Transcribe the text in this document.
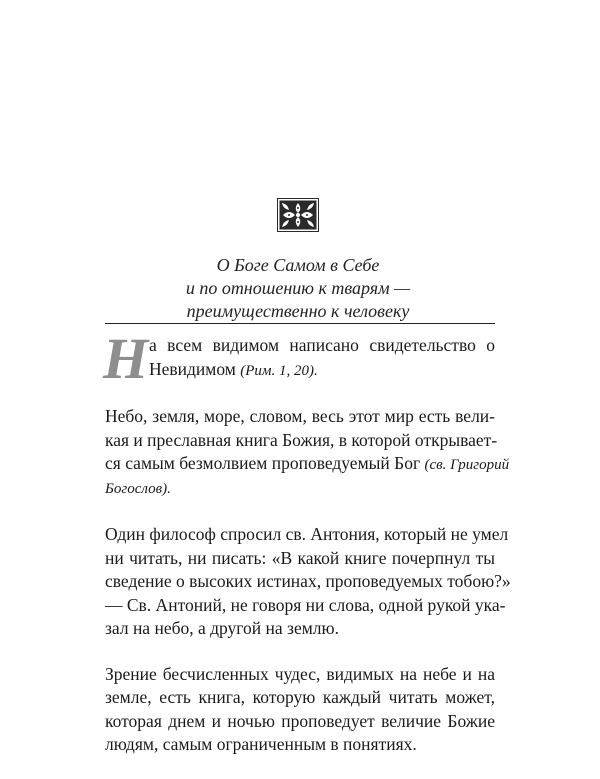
О Боге Самом в Себе
и по отношению к тварям —
преимущественно к человеку
Н а всем видимом написано свидетельство о
Невидимом (Рим. 1, 20).
Небо, земля, море, словом, весь этот мир есть вели-
кая и преславная книга Божия, в которой открывает-
ся самым безмолвием проповедуемый Бог (св. Григорий
Богослов).
Один философ спросил св. Антония, который не умел
ни читать, ни писать: «В какой книге почерпнул ты
сведение о высоких истинах, проповедуемых тобою?»
— Св. Антоний, не говоря ни слова, одной рукой ука-
зал на небо, а другой на землю.
Зрение бесчисленных чудес, видимых на небе и на
земле, есть книга, которую каждый читать может,
которая днем и ночью проповедует величие Божие
людям, самым ограниченным в понятиях.
